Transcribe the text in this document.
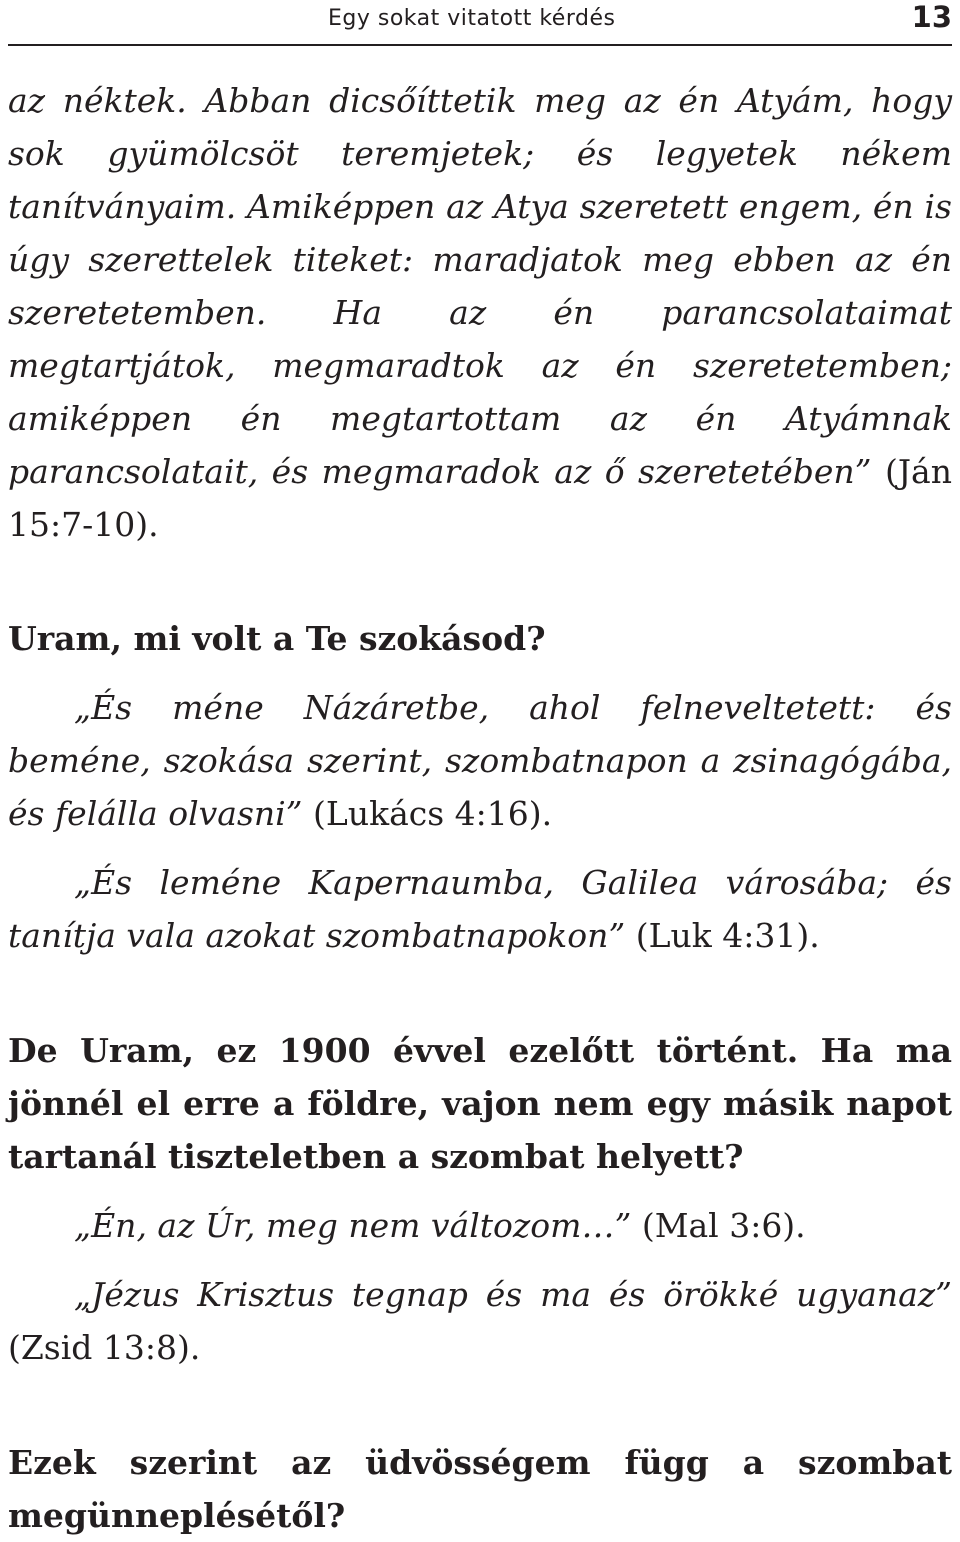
Egy sokat vitatott kérdés	13

az néktek. Abban dicsőíttetik meg az én Atyám, hogy sok gyümölcsöt teremjetek; és legyetek nékem tanítványaim. Amiképpen az Atya szeretett engem, én is úgy szerettelek titeket: maradjatok meg ebben az én szeretetemben. Ha az én parancsolataimat megtartjátok, megmaradtok az én szeretetemben; amiképpen én megtartottam az én Atyámnak parancsolatait, és megmaradok az ő szeretetében” (Ján 15:7-10).

Uram, mi volt a Te szokásod?

„És méne Názáretbe, ahol felneveltetett: és beméne, szokása szerint, szombatnapon a zsinagógába, és felálla olvasni” (Lukács 4:16).

„És leméne Kapernaumba, Galilea városába; és tanítja vala azokat szombatnapokon” (Luk 4:31).

De Uram, ez 1900 évvel ezelőtt történt. Ha ma jönnél el erre a földre, vajon nem egy másik napot tartanál tiszteletben a szombat helyett?

„Én, az Úr, meg nem változom…” (Mal 3:6).

„Jézus Krisztus tegnap és ma és örökké ugyanaz” (Zsid 13:8).

Ezek szerint az üdvösségem függ a szombat megünneplésétől?
